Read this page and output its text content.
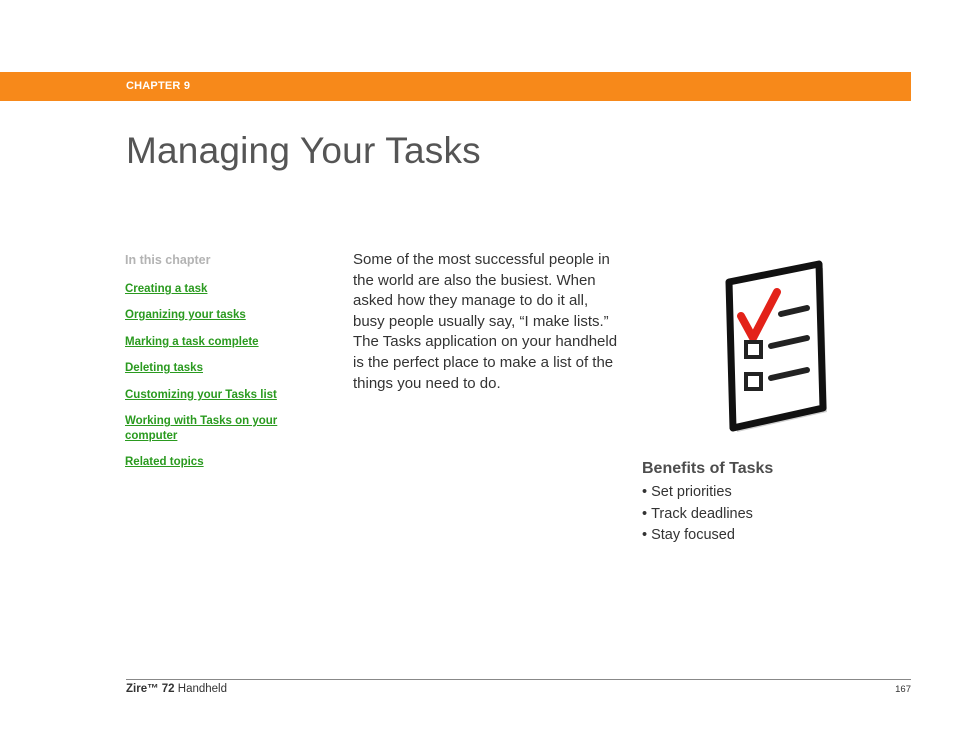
CHAPTER 9
Managing Your Tasks
In this chapter
Creating a task
Organizing your tasks
Marking a task complete
Deleting tasks
Customizing your Tasks list
Working with Tasks on your computer
Related topics

Some of the most successful people in the world are also the busiest. When asked how they manage to do it all, busy people usually say, “I make lists.” The Tasks application on your handheld is the perfect place to make a list of the things you need to do.

Benefits of Tasks
• Set priorities
• Track deadlines
• Stay focused
Zire™ 72 Handheld	167
